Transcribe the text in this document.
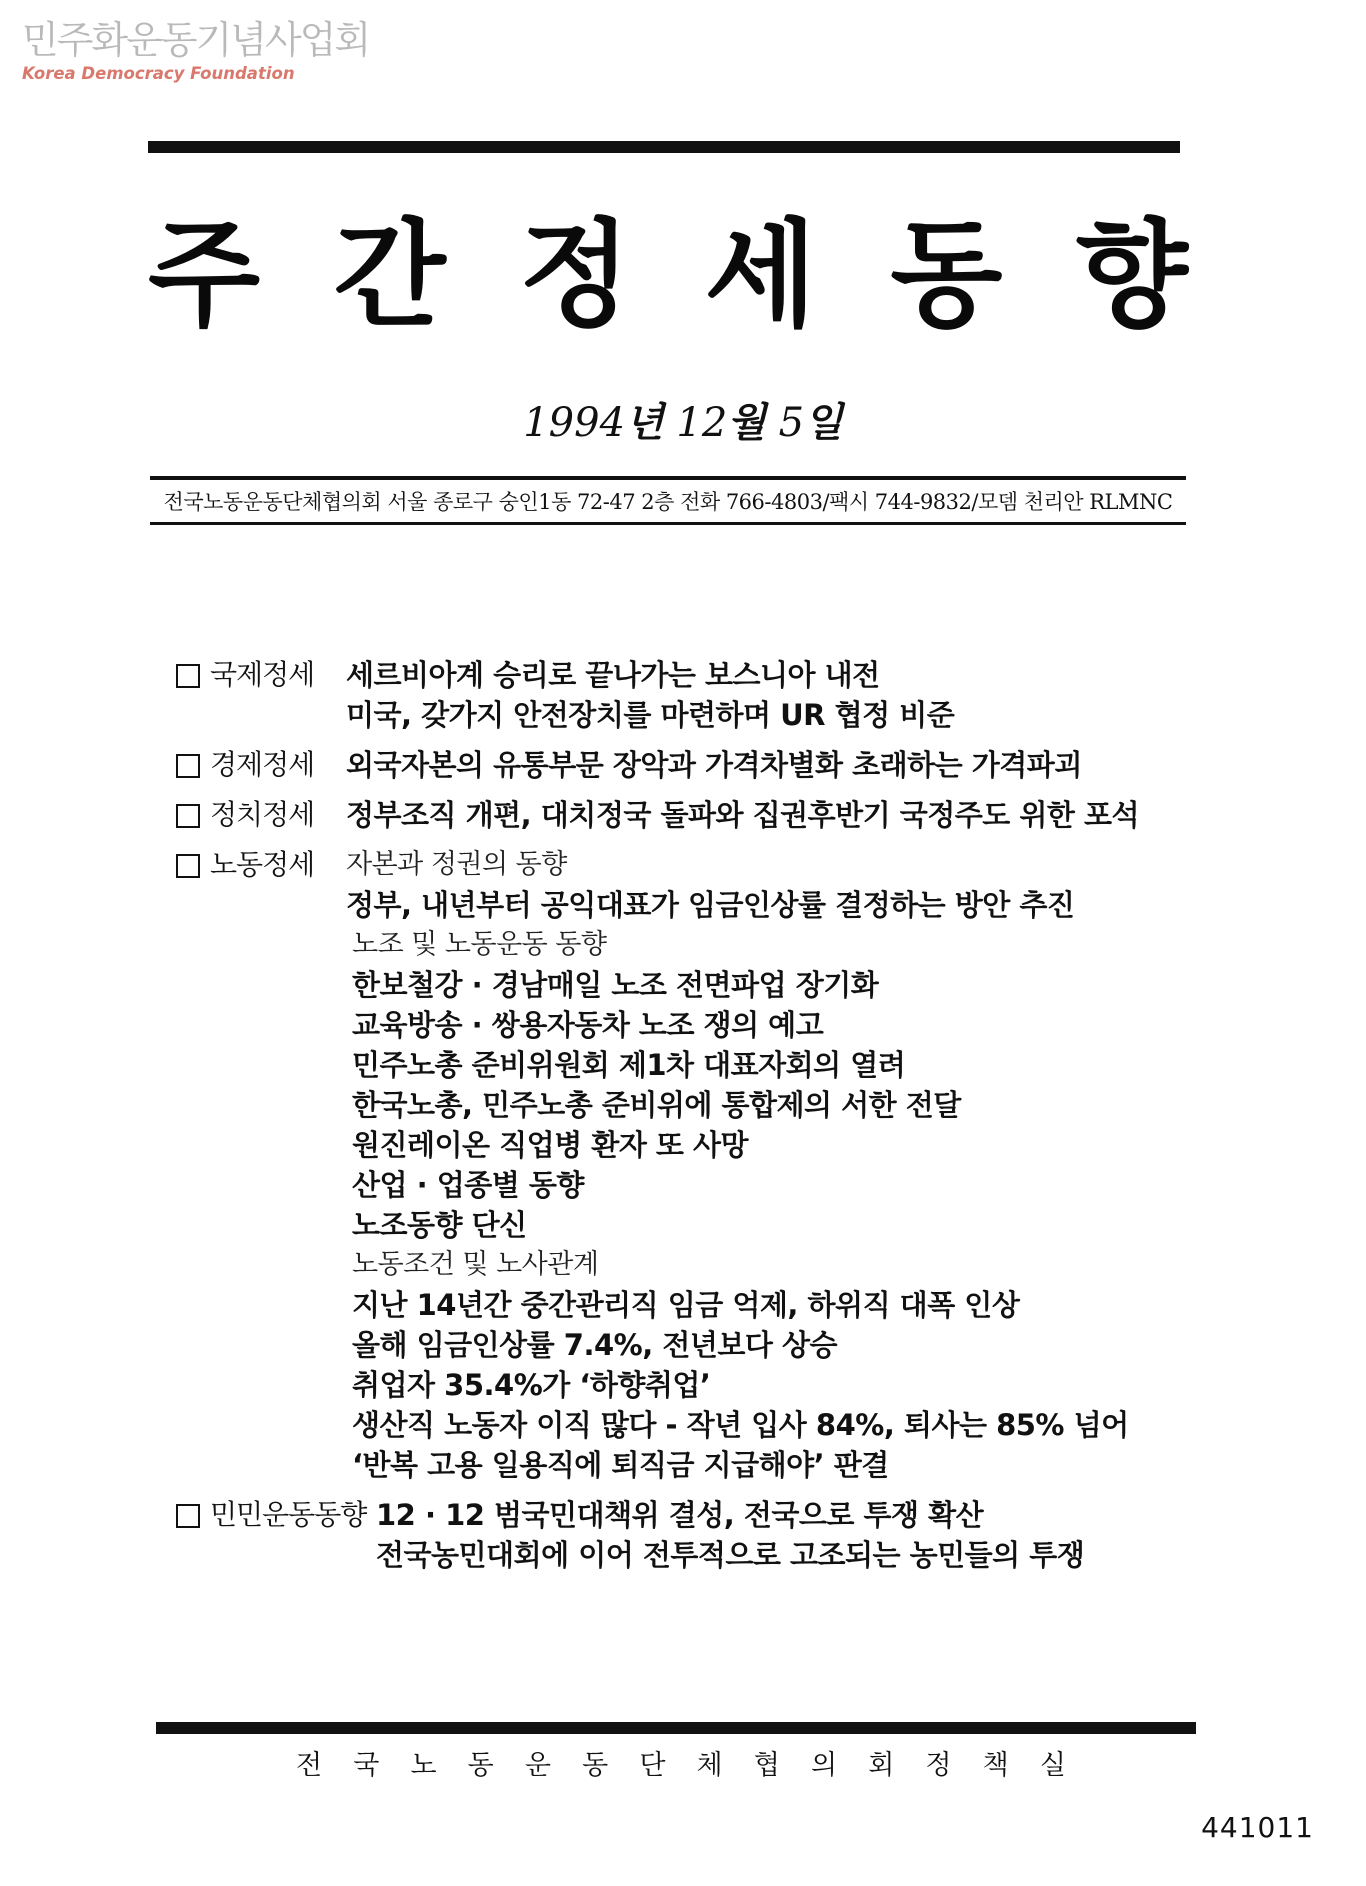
민주화운동기념사업회
Korea Democracy Foundation
주 간 정 세 동 향
1994년 12월 5일
전국노동운동단체협의회 서울 종로구 숭인1동 72-47 2층 전화 766-4803/팩시 744-9832/모뎀 천리안 RLMNC
국제정세 세르비아계 승리로 끝나가는 보스니아 내전
미국, 갖가지 안전장치를 마련하며 UR 협정 비준
경제정세 외국자본의 유통부문 장악과 가격차별화 초래하는 가격파괴
정치정세 정부조직 개편, 대치정국 돌파와 집권후반기 국정주도 위한 포석
노동정세 자본과 정권의 동향
정부, 내년부터 공익대표가 임금인상률 결정하는 방안 추진
노조 및 노동운동 동향
한보철강 · 경남매일 노조 전면파업 장기화
교육방송 · 쌍용자동차 노조 쟁의 예고
민주노총 준비위원회 제1차 대표자회의 열려
한국노총, 민주노총 준비위에 통합제의 서한 전달
원진레이온 직업병 환자 또 사망
산업 · 업종별 동향
노조동향 단신
노동조건 및 노사관계
지난 14년간 중간관리직 임금 억제, 하위직 대폭 인상
올해 임금인상률 7.4%, 전년보다 상승
취업자 35.4%가 ‘하향취업’
생산직 노동자 이직 많다 - 작년 입사 84%, 퇴사는 85% 넘어
‘반복 고용 일용직에 퇴직금 지급해야’ 판결
민민운동동향 12 · 12 범국민대책위 결성, 전국으로 투쟁 확산
전국농민대회에 이어 전투적으로 고조되는 농민들의 투쟁
전 국 노 동 운 동 단 체 협 의 회 정 책 실
441011
